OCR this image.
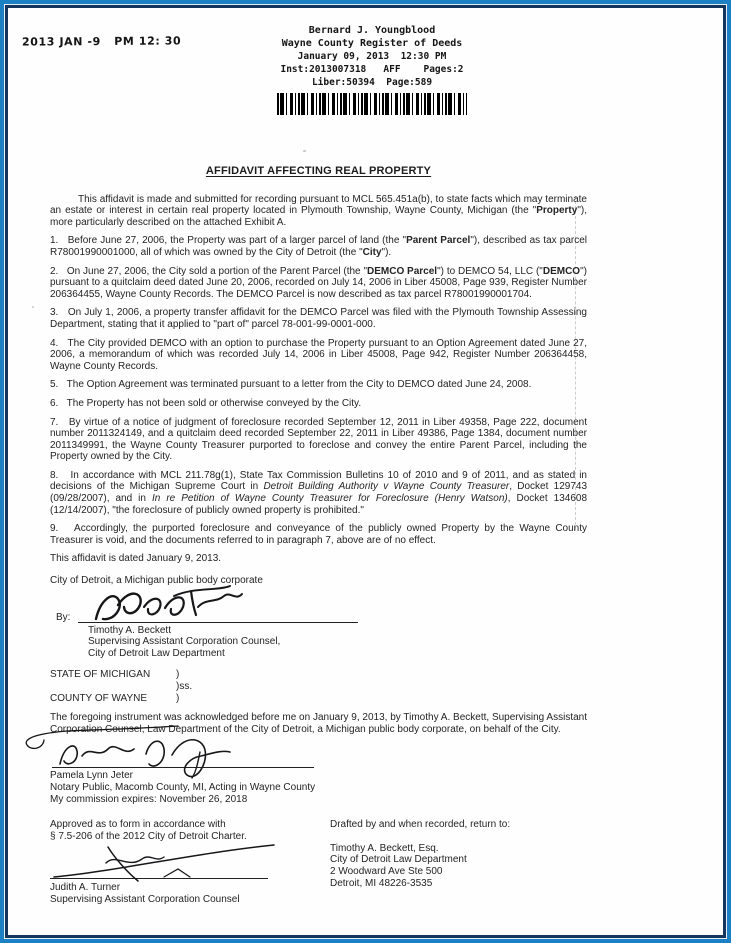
2013 JAN -9   PM 12: 30
Bernard J. Youngblood
Wayne County Register of Deeds
January 09, 2013  12:30 PM
Inst:2013007318   AFF    Pages:2
Liber:50394  Page:589
AFFIDAVIT AFFECTING REAL PROPERTY

This affidavit is made and submitted for recording pursuant to MCL 565.451a(b), to state facts which may terminate an estate or interest in certain real property located in Plymouth Township, Wayne County, Michigan (the "Property"), more particularly described on the attached Exhibit A.

1.   Before June 27, 2006, the Property was part of a larger parcel of land (the "Parent Parcel"), described as tax parcel R78001990001000, all of which was owned by the City of Detroit (the "City").

2.   On June 27, 2006, the City sold a portion of the Parent Parcel (the "DEMCO Parcel") to DEMCO 54, LLC ("DEMCO") pursuant to a quitclaim deed dated June 20, 2006, recorded on July 14, 2006 in Liber 45008, Page 939, Register Number 206364455, Wayne County Records. The DEMCO Parcel is now described as tax parcel R78001990001704.

3.   On July 1, 2006, a property transfer affidavit for the DEMCO Parcel was filed with the Plymouth Township Assessing Department, stating that it applied to "part of" parcel 78-001-99-0001-000.

4.   The City provided DEMCO with an option to purchase the Property pursuant to an Option Agreement dated June 27, 2006, a memorandum of which was recorded July 14, 2006 in Liber 45008, Page 942, Register Number 206364458, Wayne County Records.

5.   The Option Agreement was terminated pursuant to a letter from the City to DEMCO dated June 24, 2008.

6.   The Property has not been sold or otherwise conveyed by the City.

7.   By virtue of a notice of judgment of foreclosure recorded September 12, 2011 in Liber 49358, Page 222, document number 2011324149, and a quitclaim deed recorded September 22, 2011 in Liber 49386, Page 1384, document number 2011349991, the Wayne County Treasurer purported to foreclose and convey the entire Parent Parcel, including the Property owned by the City.

8.   In accordance with MCL 211.78g(1), State Tax Commission Bulletins 10 of 2010 and 9 of 2011, and as stated in decisions of the Michigan Supreme Court in Detroit Building Authority v Wayne County Treasurer, Docket 129743 (09/28/2007), and in In re Petition of Wayne County Treasurer for Foreclosure (Henry Watson), Docket 134608 (12/14/2007), "the foreclosure of publicly owned property is prohibited."

9.   Accordingly, the purported foreclosure and conveyance of the publicly owned Property by the Wayne County Treasurer is void, and the documents referred to in paragraph 7, above are of no effect.

This affidavit is dated January 9, 2013.

City of Detroit, a Michigan public body corporate

By:
Timothy A. Beckett
Supervising Assistant Corporation Counsel,
City of Detroit Law Department
STATE OF MICHIGAN	)
)ss.
COUNTY OF WAYNE	)

The foregoing instrument was acknowledged before me on January 9, 2013, by Timothy A. Beckett, Supervising Assistant Corporation Counsel, Law Department of the City of Detroit, a Michigan public body corporate, on behalf of the City.

Pamela Lynn Jeter
Notary Public, Macomb County, MI, Acting in Wayne County
My commission expires: November 26, 2018
Approved as to form in accordance with
§ 7.5-206 of the 2012 City of Detroit Charter.
Judith A. Turner
Supervising Assistant Corporation Counsel
Drafted by and when recorded, return to:
Timothy A. Beckett, Esq.
City of Detroit Law Department
2 Woodward Ave Ste 500
Detroit, MI 48226-3535
